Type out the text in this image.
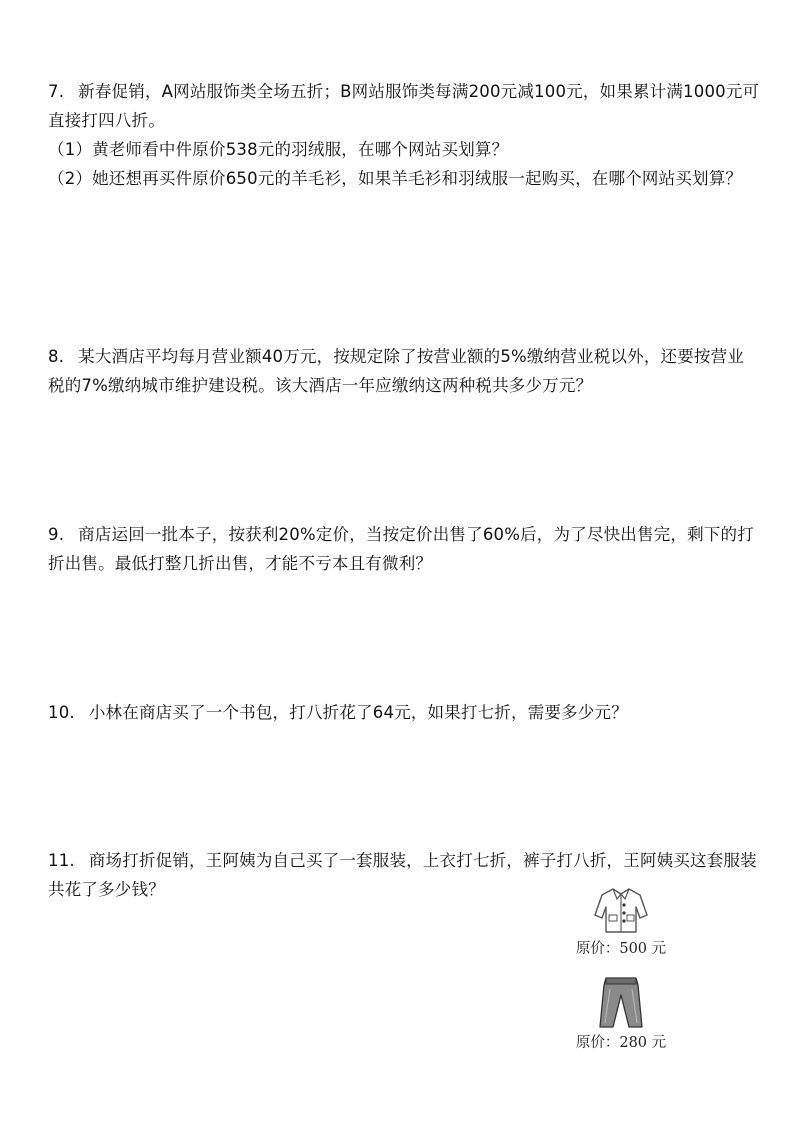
7. 新春促销，A网站服饰类全场五折；B网站服饰类每满200元减100元，如果累计满1000元可直接打四八折。

（1）黄老师看中件原价538元的羽绒服，在哪个网站买划算？

（2）她还想再买件原价650元的羊毛衫，如果羊毛衫和羽绒服一起购买，在哪个网站买划算？

8. 某大酒店平均每月营业额40万元，按规定除了按营业额的5%缴纳营业税以外，还要按营业税的7%缴纳城市维护建设税。该大酒店一年应缴纳这两种税共多少万元？

9. 商店运回一批本子，按获利20%定价，当按定价出售了60%后，为了尽快出售完，剩下的打折出售。最低打整几折出售，才能不亏本且有微利？

10. 小林在商店买了一个书包，打八折花了64元，如果打七折，需要多少元？

11. 商场打折促销，王阿姨为自己买了一套服装，上衣打七折，裤子打八折，王阿姨买这套服装共花了多少钱？

原价：500 元
原价：280 元
